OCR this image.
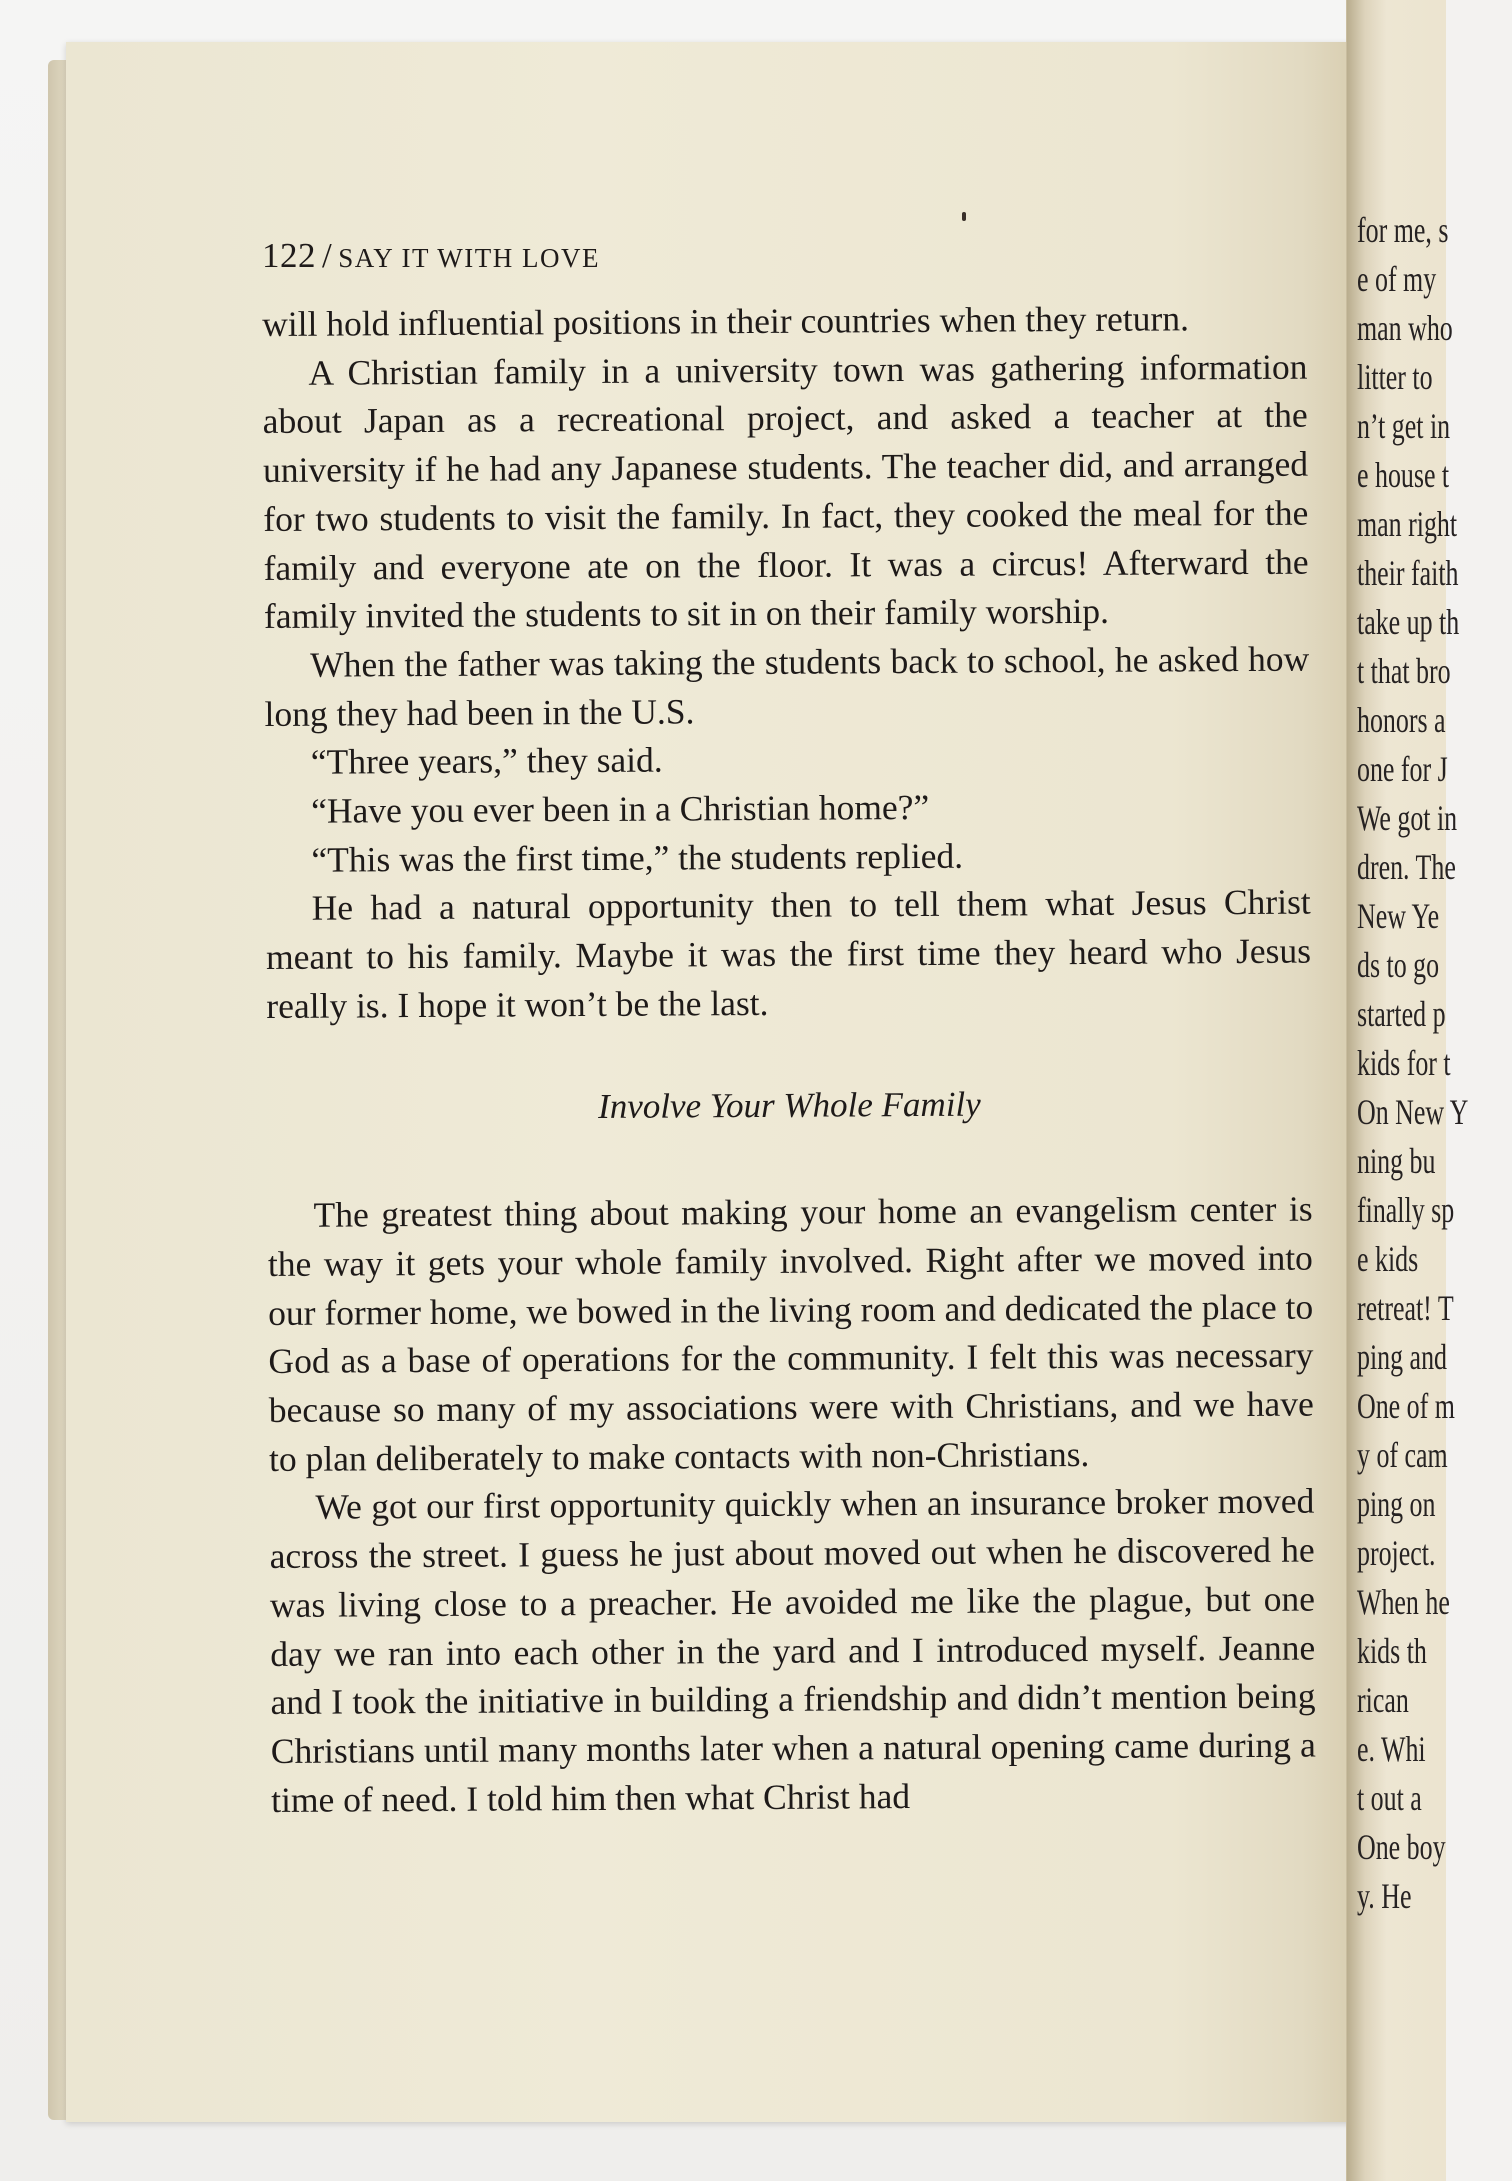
122 / SAY IT WITH LOVE

will hold influential positions in their countries when they return.

A Christian family in a university town was gathering information about Japan as a recreational project, and asked a teacher at the university if he had any Japanese students. The teacher did, and arranged for two students to visit the family. In fact, they cooked the meal for the family and everyone ate on the floor. It was a circus! Afterward the family invited the students to sit in on their family worship.

When the father was taking the students back to school, he asked how long they had been in the U.S.

“Three years,” they said.

“Have you ever been in a Christian home?”

“This was the first time,” the students replied.

He had a natural opportunity then to tell them what Jesus Christ meant to his family. Maybe it was the first time they heard who Jesus really is. I hope it won’t be the last.

Involve Your Whole Family

The greatest thing about making your home an evangelism center is the way it gets your whole family involved. Right after we moved into our former home, we bowed in the living room and dedicated the place to God as a base of operations for the community. I felt this was necessary because so many of my associations were with Christians, and we have to plan deliberately to make contacts with non-Christians.

We got our first opportunity quickly when an insurance broker moved across the street. I guess he just about moved out when he discovered he was living close to a preacher. He avoided me like the plague, but one day we ran into each other in the yard and I introduced myself. Jeanne and I took the initiative in building a friendship and didn’t mention being Christians until many months later when a natural opening came during a time of need. I told him then what Christ had

for me, s
e of my
man who
litter to
n’t get in
e house t
man right
their faith
take up th
t that bro
honors a
one for J
We got in
dren. The
New Ye
ds to go
started p
kids for t
On New Y
ning bu
finally sp
e kids
retreat! T
ping and
One of m
y of cam
ping on
project.
When he
kids th
rican
e. Whi
t out a
One boy
y. He
